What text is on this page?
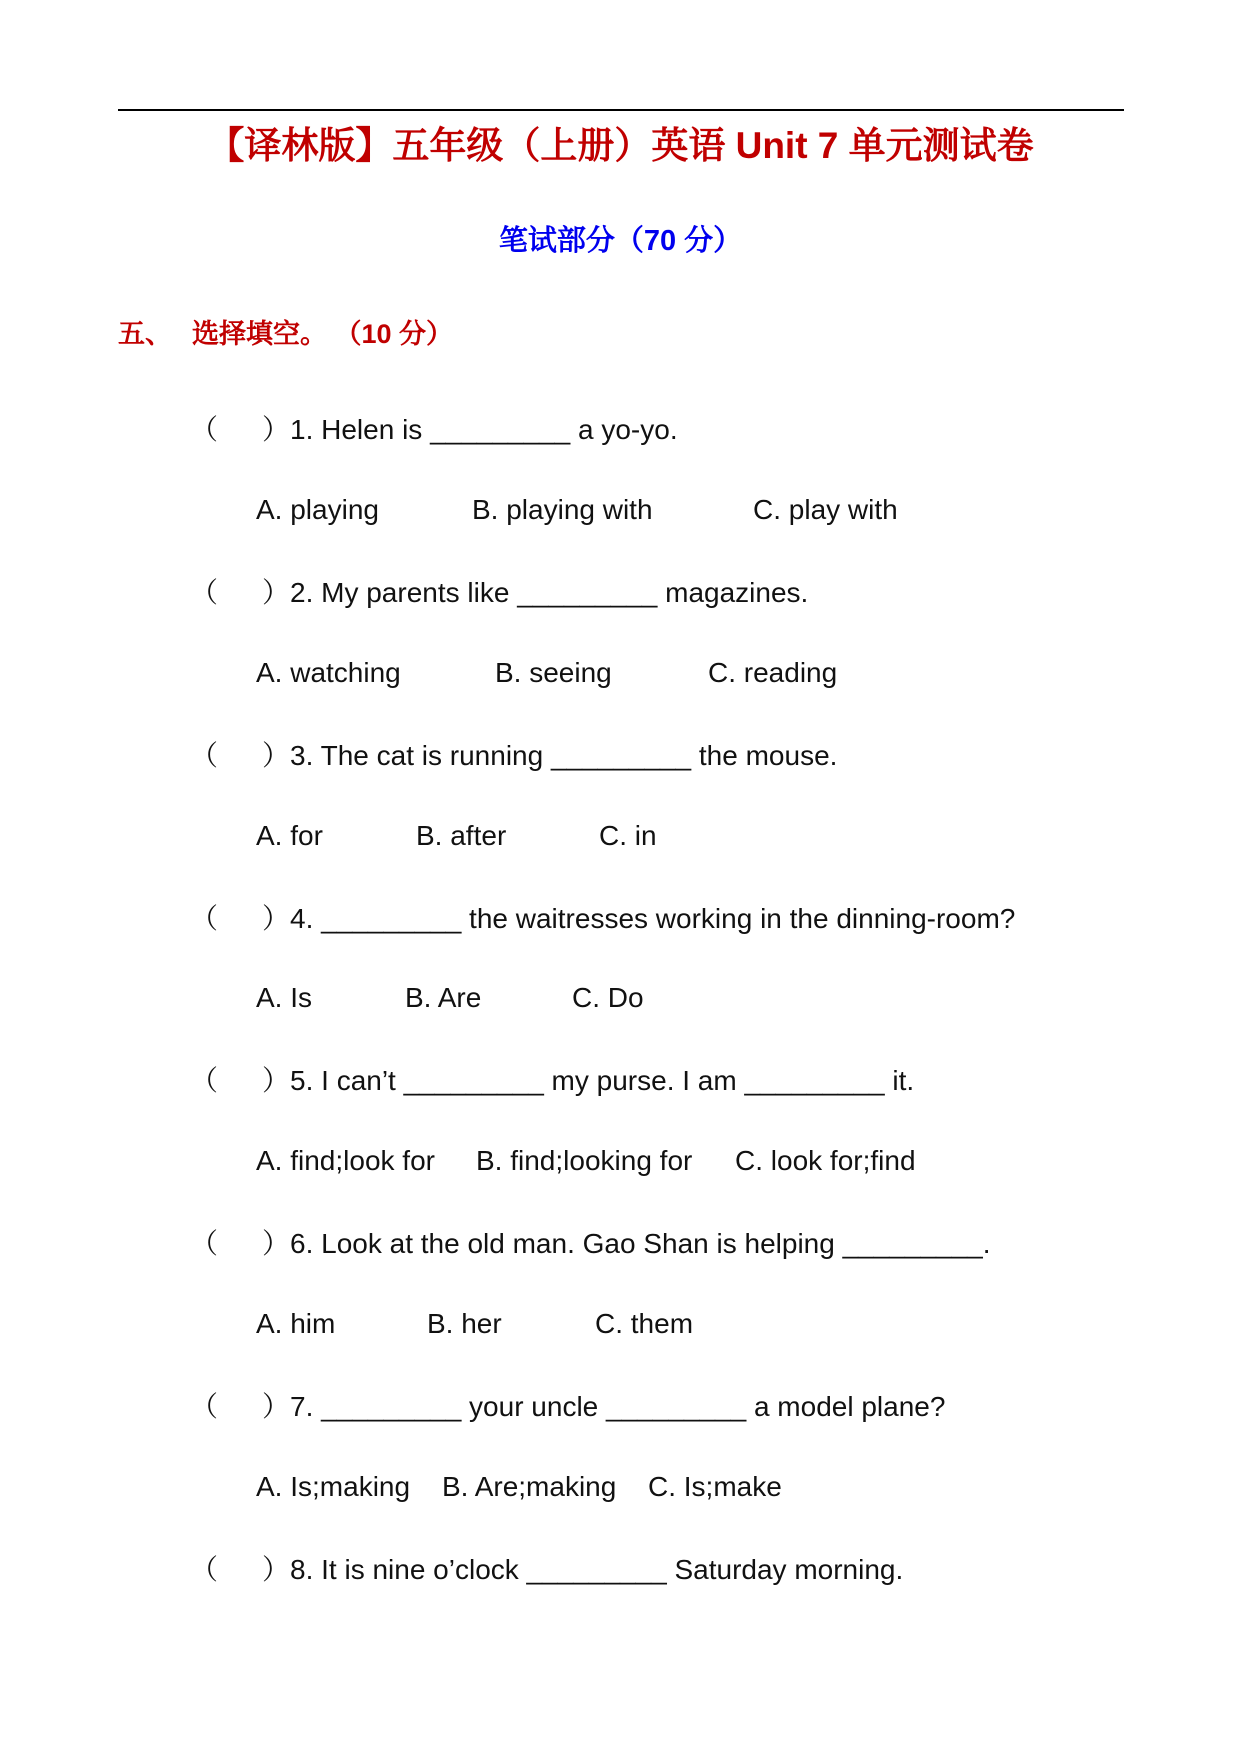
【译林版】五年级（上册）英语 Unit 7 单元测试卷
笔试部分（70 分）
五、 选择填空。 （10 分）
（ ）1. Helen is _________ a yo-yo.
A. playing	B. playing with	C. play with
（ ）2. My parents like _________ magazines.
A. watching	B. seeing	C. reading
（ ）3. The cat is running _________ the mouse.
A. for	B. after	C. in
（ ）4. _________ the waitresses working in the dinning-room?
A. Is	B. Are	C. Do
（ ）5. I can’t _________ my purse. I am _________ it.
A. find;look for B. find;looking for C. look for;find
（ ）6. Look at the old man. Gao Shan is helping _________.
A. him	B. her	C. them
（ ）7. _________ your uncle _________ a model plane?
A. Is;making B. Are;making C. Is;make
（ ）8. It is nine o’clock _________ Saturday morning.
